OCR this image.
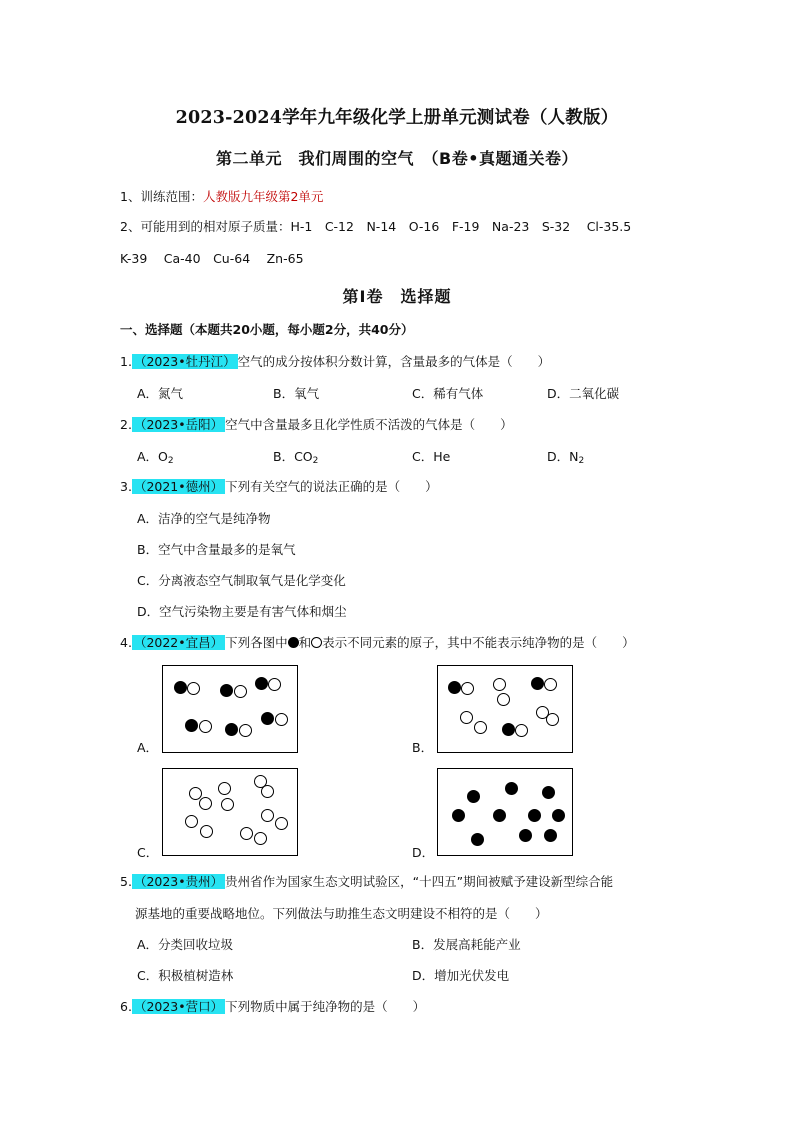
2023-2024学年九年级化学上册单元测试卷（人教版）
第二单元　我们周围的空气　（B卷•真题通关卷）
1、训练范围：人教版九年级第2单元
2、可能用到的相对原子质量：H-1　C-12　N-14　O-16　F-19　Na-23　S-32　 Cl-35.5
K-39　 Ca-40　Cu-64　 Zn-65
第Ⅰ卷　选择题
一、选择题（本题共20小题，每小题2分，共40分）
1. （2023•牡丹江） 空气的成分按体积分数计算，含量最多的气体是（　　）
A．氮气	B．氧气	C．稀有气体	D．二氧化碳
2. （2023•岳阳） 空气中含量最多且化学性质不活泼的气体是（　　）
A．$O_2$	B．$CO_2$	C．He	D．$N_2$
3. （2021•德州） 下列有关空气的说法正确的是（　　）
A．洁净的空气是纯净物
B．空气中含量最多的是氧气
C．分离液态空气制取氧气是化学变化
D．空气污染物主要是有害气体和烟尘
4. （2022•宜昌） 下列各图中 和 表示不同元素的原子，其中不能表示纯净物的是（　　）
A．	B．
C．	D．
5. （2023•贵州） 贵州省作为国家生态文明试验区，“十四五”期间被赋予建设新型综合能
源基地的重要战略地位。下列做法与助推生态文明建设不相符的是（　　）
A．分类回收垃圾	B．发展高耗能产业
C．积极植树造林	D．增加光伏发电
6. （2023•营口） 下列物质中属于纯净物的是（　　）
